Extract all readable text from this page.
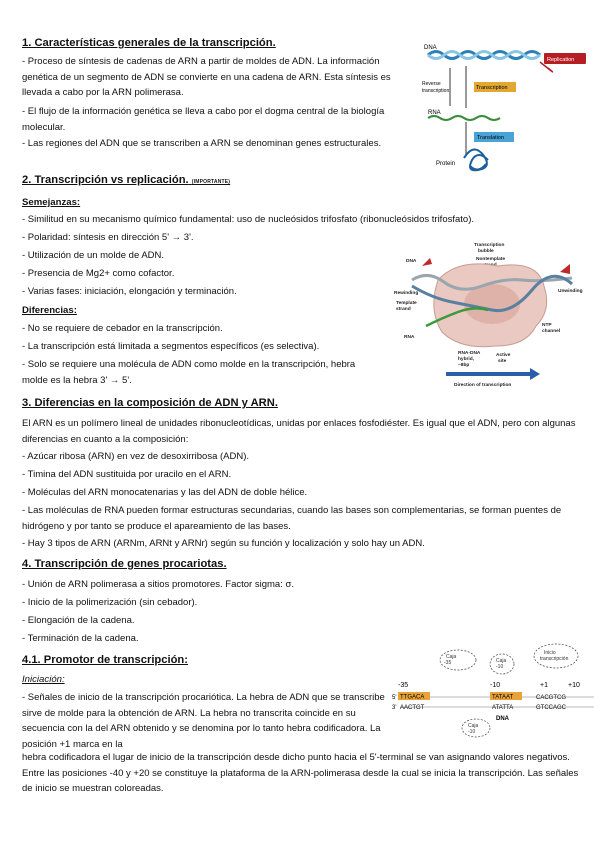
1. Características generales de la transcripción.
- Proceso de síntesis de cadenas de ARN a partir de moldes de ADN. La información genética de un segmento de ADN se convierte en una cadena de ARN. Esta síntesis es llevada a cabo por la ARN polimerasa.
- El flujo de la información genética se lleva a cabo por el dogma central de la biología molecular.
- Las regiones del ADN que se transcriben a ARN se denominan genes estructurales.
DNA
Replication
Reverse transcription	Transcription
RNA
Translation
Protein
2. Transcripción vs replicación. (IMPORTANTE)
Semejanzas:
- Similitud en su mecanismo químico fundamental: uso de nucleósidos trifosfato (ribonucleósidos trifosfato).
- Polaridad: síntesis en dirección 5' → 3'.
- Utilización de un molde de ADN.
- Presencia de Mg2+ como cofactor.
- Varias fases: iniciación, elongación y terminación.
Diferencias:
- No se requiere de cebador en la transcripción.
- La transcripción está limitada a segmentos específicos (es selectiva).
- Solo se requiere una molécula de ADN como molde en la transcripción, hebra molde es la hebra 3' → 5'.
Transcription bubble
Nontemplate
DNA
Rewinding	Unwinding
Template strand
RNA
NTP channel
RNA-DNA hybrid, ~8bp
Active site
Direction of transcription
3. Diferencias en la composición de ADN y ARN.
El ARN es un polímero lineal de unidades ribonucleotídicas, unidas por enlaces fosfodiéster. Es igual que el ADN, pero con algunas diferencias en cuanto a la composición:
- Azúcar ribosa (ARN) en vez de desoxirribosa (ADN).
- Timina del ADN sustituida por uracilo en el ARN.
- Moléculas del ARN monocatenarias y las del ADN de doble hélice.
- Las moléculas de RNA pueden formar estructuras secundarias, cuando las bases son complementarias, se forman puentes de hidrógeno y por tanto se produce el apareamiento de las bases.
- Hay 3 tipos de ARN (ARNm, ARNt y ARNr) según su función y localización y solo hay un ADN.
4. Transcripción de genes procariotas.
- Unión de ARN polimerasa a sitios promotores. Factor sigma: σ.
- Inicio de la polimerización (sin cebador).
- Elongación de la cadena.
- Terminación de la cadena.
4.1. Promotor de transcripción:
Iniciación:
- Señales de inicio de la transcripción procariótica. La hebra de ADN que se transcribe sirve de molde para la obtención de ARN. La hebra no transcrita coincide en su secuencia con la del ARN obtenido y se denomina por lo tanto hebra codificadora. La posición +1 marca en la
hebra codificadora el lugar de inicio de la transcripción desde dicho punto hacia el 5'-terminal se van asignando valores negativos. Entre las posiciones -40 y +20 se constituye la plataforma de la ARN-polimerasa desde la cual se inicia la transcripción. Las señales de inicio se muestran coloreadas.
Caja
-35	Caja
-10
Inicio
transcripción
Caja
-10
-35	-10	+1	+10
5'
3'
TTGACA
AACTGT
TATAAT
ATATTA
CACGTCG
GTCCAGC
DNA
